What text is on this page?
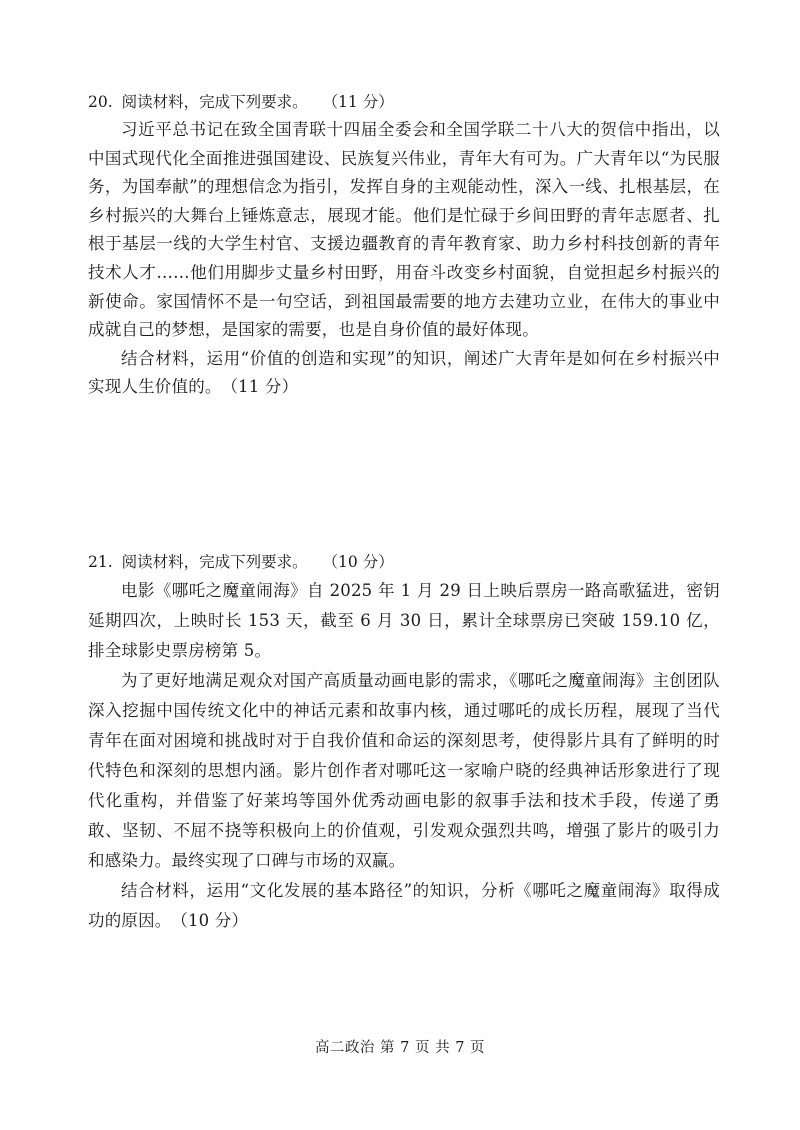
20. 阅读材料，完成下列要求。 （11 分）

习近平总书记在致全国青联十四届全委会和全国学联二十八大的贺信中指出，以中国式现代化全面推进强国建设、民族复兴伟业，青年大有可为。广大青年以“为民服务，为国奉献”的理想信念为指引，发挥自身的主观能动性，深入一线、扎根基层，在乡村振兴的大舞台上锤炼意志，展现才能。他们是忙碌于乡间田野的青年志愿者、扎根于基层一线的大学生村官、支援边疆教育的青年教育家、助力乡村科技创新的青年技术人才……他们用脚步丈量乡村田野，用奋斗改变乡村面貌，自觉担起乡村振兴的新使命。家国情怀不是一句空话，到祖国最需要的地方去建功立业，在伟大的事业中成就自己的梦想，是国家的需要，也是自身价值的最好体现。

结合材料，运用“价值的创造和实现”的知识，阐述广大青年是如何在乡村振兴中实现人生价值的。 （11 分）

21. 阅读材料，完成下列要求。 （10 分）

电影《哪吒之魔童闹海》自 2025 年 1 月 29 日上映后票房一路高歌猛进，密钥延期四次，上映时长 153 天，截至 6 月 30 日，累计全球票房已突破 159.10 亿，排全球影史票房榜第 5。

为了更好地满足观众对国产高质量动画电影的需求，《哪吒之魔童闹海》主创团队深入挖掘中国传统文化中的神话元素和故事内核，通过哪吒的成长历程，展现了当代青年在面对困境和挑战时对于自我价值和命运的深刻思考，使得影片具有了鲜明的时代特色和深刻的思想内涵。影片创作者对哪吒这一家喻户晓的经典神话形象进行了现代化重构，并借鉴了好莱坞等国外优秀动画电影的叙事手法和技术手段，传递了勇敢、坚韧、不屈不挠等积极向上的价值观，引发观众强烈共鸣，增强了影片的吸引力和感染力。最终实现了口碑与市场的双赢。

结合材料，运用“文化发展的基本路径”的知识，分析《哪吒之魔童闹海》取得成功的原因。 （10 分）

高二政治 第 7 页 共 7 页
